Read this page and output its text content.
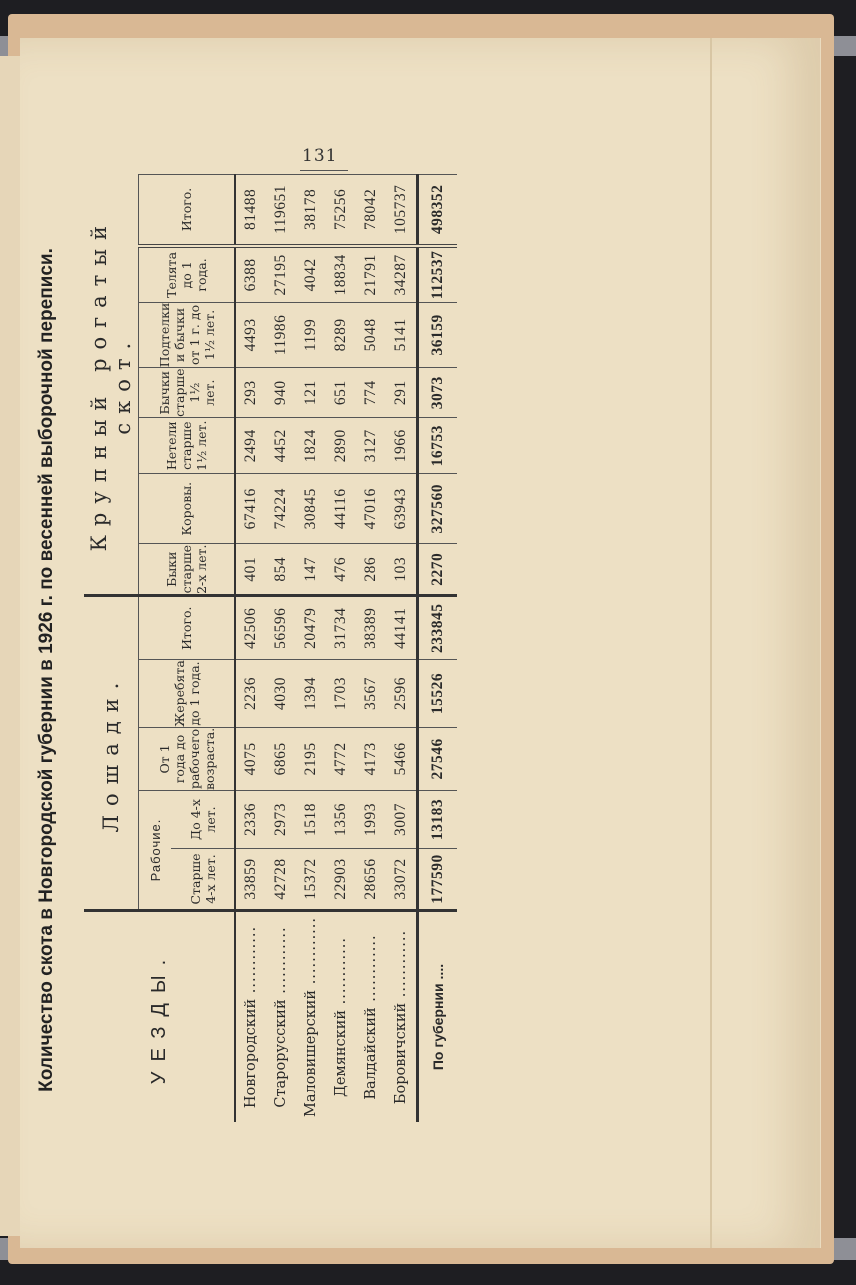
131
Количество скота в Новгородской губернии в 1926 г. по весенней выборочной переписи.	УЕЗДЫ.	Лошади.					Крупный рогатый скот.						
	Рабочие.		От 1 года до рабочего возраста.	Жеребята до 1 года.	Итого.	Быки старше 2-х лет.	Коровы.	Нетели старше 1½ лет.	Бычки старше 1½ лет.	Подтелки и бычки от 1 г. до 1½ лет.	Телята до 1 года.	Итого.
	Старше 4-х лет.	До 4-х лет.										
Новгородский ............	33859	2336	4075	2236	42506	401	67416	2494	293	4493	6388	81488
Старорусский ............	42728	2973	6865	4030	56596	854	74224	4452	940	11986	27195	119651
Маловишерский ............	15372	1518	2195	1394	20479	147	30845	1824	121	1199	4042	38178
Демянский ............	22903	1356	4772	1703	31734	476	44116	2890	651	8289	18834	75256
Валдайский ............	28656	1993	4173	3567	38389	286	47016	3127	774	5048	21791	78042
Боровичский ............	33072	3007	5466	2596	44141	103	63943	1966	291	5141	34287	105737
По губернии ....	177590	13183	27546	15526	233845	2270	327560	16753	3073	36159	112537	498352
